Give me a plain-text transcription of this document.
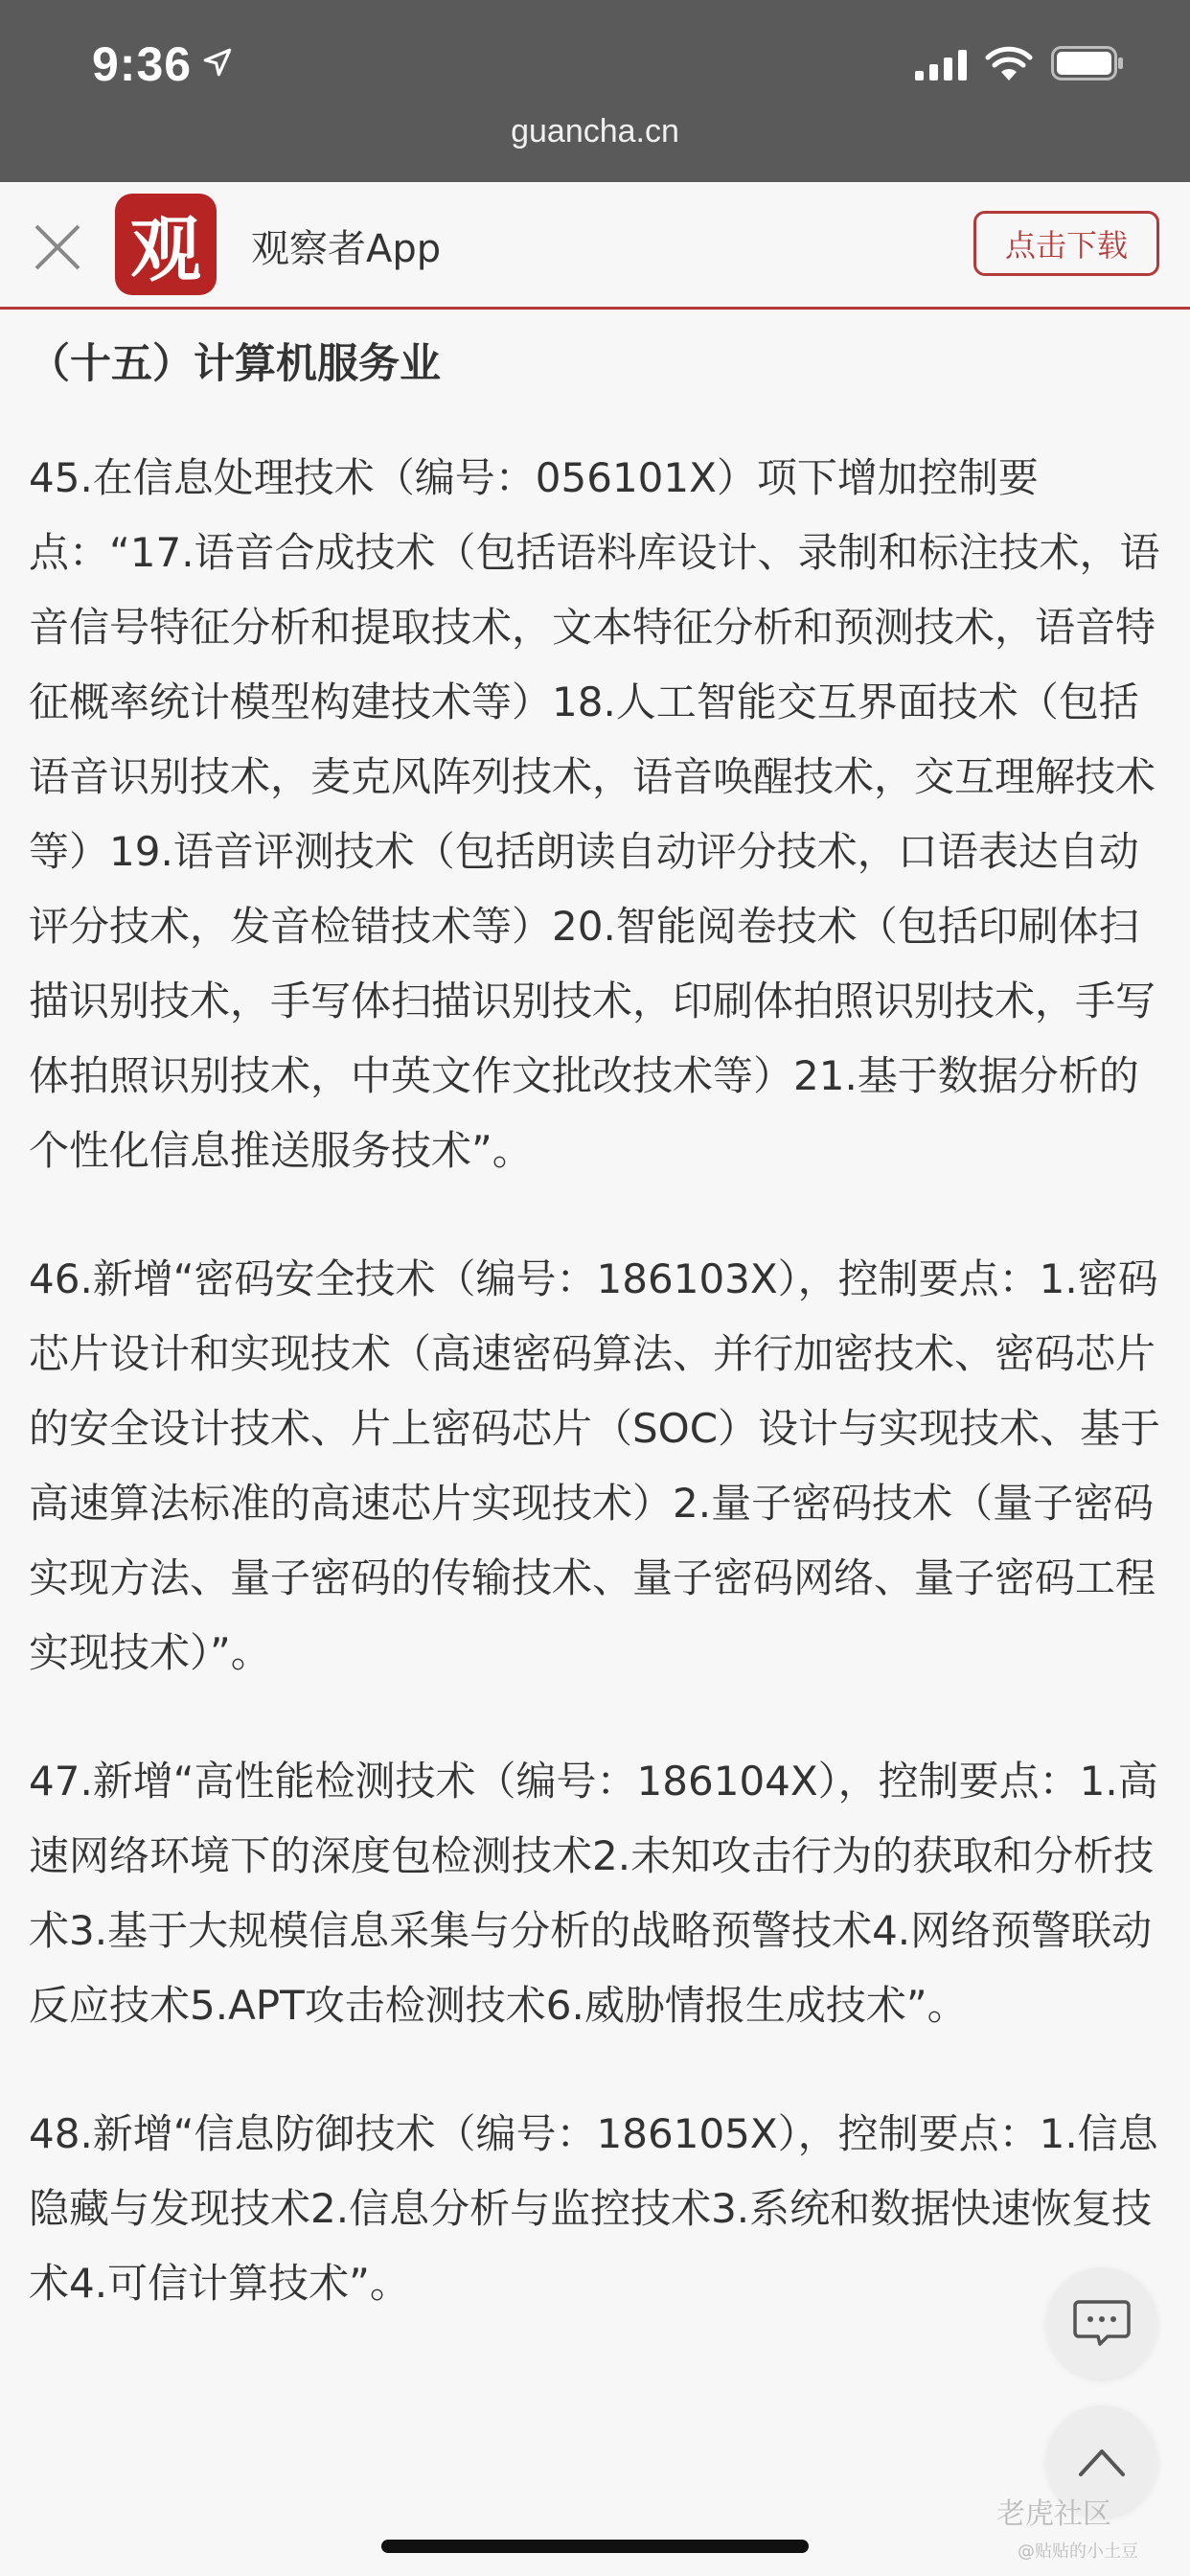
9:36
guancha.cn
观 观察者App	点击下载
（十五）计算机服务业

45.在信息处理技术（编号：056101X）项下增加控制要点：“17.语音合成技术（包括语料库设计、录制和标注技术，语音信号特征分析和提取技术，文本特征分析和预测技术，语音特征概率统计模型构建技术等）18.人工智能交互界面技术（包括语音识别技术，麦克风阵列技术，语音唤醒技术，交互理解技术等）19.语音评测技术（包括朗读自动评分技术，口语表达自动评分技术，发音检错技术等）20.智能阅卷技术（包括印刷体扫描识别技术，手写体扫描识别技术，印刷体拍照识别技术，手写体拍照识别技术，中英文作文批改技术等）21.基于数据分析的个性化信息推送服务技术”。

46.新增“密码安全技术（编号：186103X），控制要点：1.密码芯片设计和实现技术（高速密码算法、并行加密技术、密码芯片的安全设计技术、片上密码芯片（SOC）设计与实现技术、基于高速算法标准的高速芯片实现技术）2.量子密码技术（量子密码实现方法、量子密码的传输技术、量子密码网络、量子密码工程实现技术）”。

47.新增“高性能检测技术（编号：186104X），控制要点：1.高速网络环境下的深度包检测技术2.未知攻击行为的获取和分析技术3.基于大规模信息采集与分析的战略预警技术4.网络预警联动反应技术5.APT攻击检测技术6.威胁情报生成技术”。

48.新增“信息防御技术（编号：186105X），控制要点：1.信息隐藏与发现技术2.信息分析与监控技术3.系统和数据快速恢复技术4.可信计算技术”。

老虎社区
@贴贴的小土豆
